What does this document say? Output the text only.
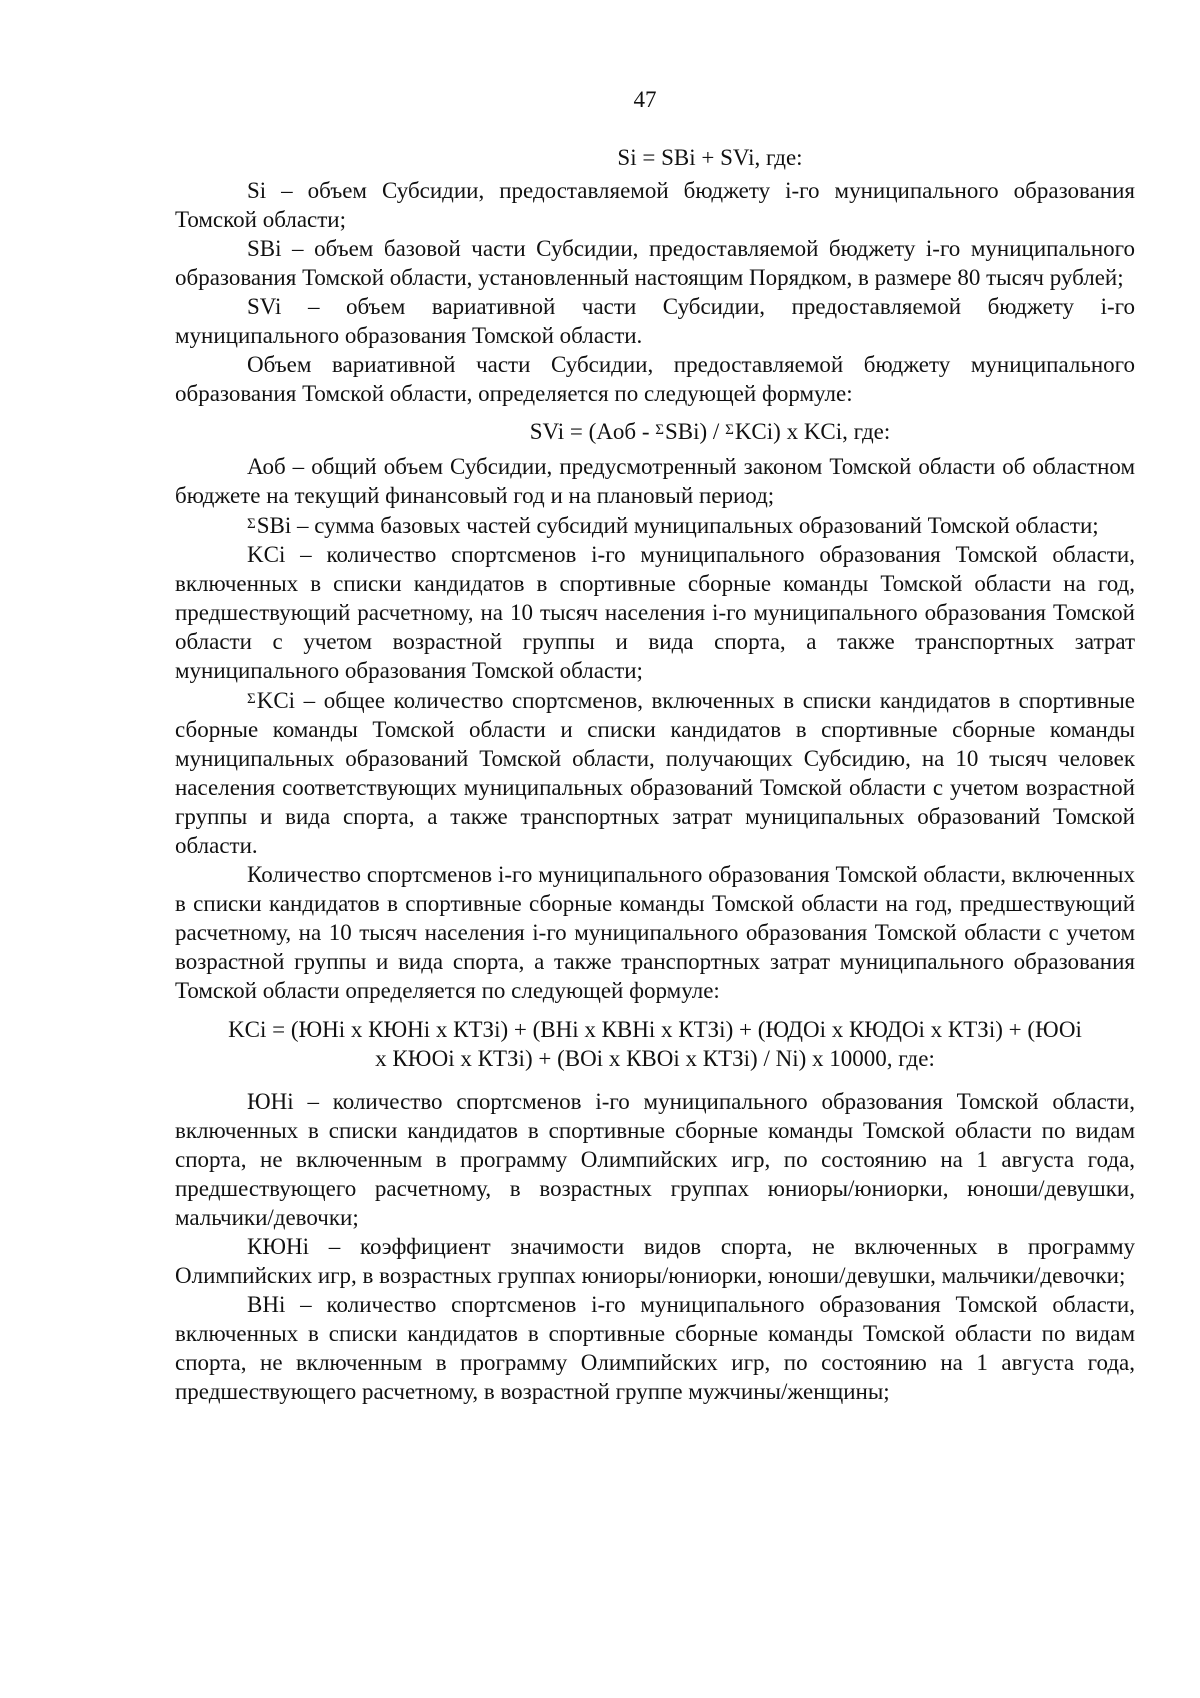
47
Si = SBi + SVi, где:

Si – объем Субсидии, предоставляемой бюджету i-го муниципального образования Томской области;

SBi – объем базовой части Субсидии, предоставляемой бюджету i-го муниципального образования Томской области, установленный настоящим Порядком, в размере 80 тысяч рублей;

SVi – объем вариативной части Субсидии, предоставляемой бюджету i-го муниципального образования Томской области.

Объем вариативной части Субсидии, предоставляемой бюджету муниципального образования Томской области, определяется по следующей формуле:

SVi = (Aоб - $^\Sigma$SBi) / $^\Sigma$KCi) x KCi, где:

Аоб – общий объем Субсидии, предусмотренный законом Томской области об областном бюджете на текущий финансовый год и на плановый период;

$^\Sigma$SBi – сумма базовых частей субсидий муниципальных образований Томской области;

KCi – количество спортсменов i-го муниципального образования Томской области, включенных в списки кандидатов в спортивные сборные команды Томской области на год, предшествующий расчетному, на 10 тысяч населения i-го муниципального образования Томской области с учетом возрастной группы и вида спорта, а также транспортных затрат муниципального образования Томской области;

$^\Sigma$KCi – общее количество спортсменов, включенных в списки кандидатов в спортивные сборные команды Томской области и списки кандидатов в спортивные сборные команды муниципальных образований Томской области, получающих Субсидию, на 10 тысяч человек населения соответствующих муниципальных образований Томской области с учетом возрастной группы и вида спорта, а также транспортных затрат муниципальных образований Томской области.

Количество спортсменов i-го муниципального образования Томской области, включенных в списки кандидатов в спортивные сборные команды Томской области на год, предшествующий расчетному, на 10 тысяч населения i-го муниципального образования Томской области с учетом возрастной группы и вида спорта, а также транспортных затрат муниципального образования Томской области определяется по следующей формуле:

KCi = (ЮНi x КЮНi x КТЗi) + (ВНi x КВНi x КТЗi) + (ЮДОi x КЮДОi x КТЗi) + (ЮОi
x КЮОi x КТЗi) + (ВОi x КВОi x КТЗi) / Ni) x 10000, где:

ЮНi – количество спортсменов i-го муниципального образования Томской области, включенных в списки кандидатов в спортивные сборные команды Томской области по видам спорта, не включенным в программу Олимпийских игр, по состоянию на 1 августа года, предшествующего расчетному, в возрастных группах юниоры/юниорки, юноши/девушки, мальчики/девочки;

КЮНi – коэффициент значимости видов спорта, не включенных в программу Олимпийских игр, в возрастных группах юниоры/юниорки, юноши/девушки, мальчики/девочки;

ВНi – количество спортсменов i-го муниципального образования Томской области, включенных в списки кандидатов в спортивные сборные команды Томской области по видам спорта, не включенным в программу Олимпийских игр, по состоянию на 1 августа года, предшествующего расчетному, в возрастной группе мужчины/женщины;
